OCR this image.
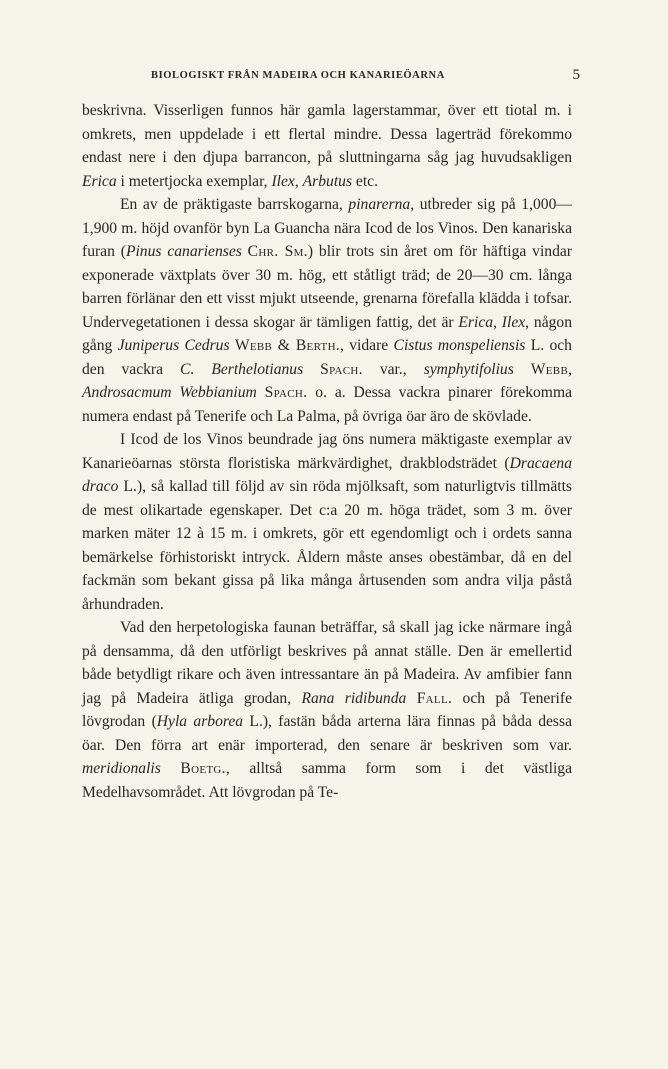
BIOLOGISKT FRÅN MADEIRA OCH KANARIEÖARNA	5

beskrivna. Visserligen funnos här gamla lagerstammar, över ett tiotal m. i omkrets, men uppdelade i ett flertal mindre. Dessa lagerträd förekommo endast nere i den djupa barrancon, på sluttningarna såg jag huvudsakligen Erica i metertjocka exemplar, Ilex, Arbutus etc.

En av de präktigaste barrskogarna, pinarerna, utbreder sig på 1,000—1,900 m. höjd ovanför byn La Guancha nära Icod de los Vinos. Den kanariska furan (Pinus canarienses Chr. Sm.) blir trots sin året om för häftiga vindar exponerade växtplats över 30 m. hög, ett ståtligt träd; de 20—30 cm. långa barren förlänar den ett visst mjukt utseende, grenarna förefalla klädda i tofsar. Undervegetationen i dessa skogar är tämligen fattig, det är Erica, Ilex, någon gång Juniperus Cedrus Webb & Berth., vidare Cistus monspeliensis L. och den vackra C. Berthelotianus Spach. var., symphytifolius Webb, Androsacmum Webbianium Spach. o. a. Dessa vackra pinarer förekomma numera endast på Tenerife och La Palma, på övriga öar äro de skövlade.

I Icod de los Vinos beundrade jag öns numera mäktigaste exemplar av Kanarieöarnas största floristiska märkvärdighet, drakblodsträdet (Dracaena draco L.), så kallad till följd av sin röda mjölksaft, som naturligtvis tillmätts de mest olikartade egenskaper. Det c:a 20 m. höga trädet, som 3 m. över marken mäter 12 à 15 m. i omkrets, gör ett egendomligt och i ordets sanna bemärkelse förhistoriskt intryck. Åldern måste anses obestämbar, då en del fackmän som bekant gissa på lika många årtusenden som andra vilja påstå århundraden.

Vad den herpetologiska faunan beträffar, så skall jag icke närmare ingå på densamma, då den utförligt beskrives på annat ställe. Den är emellertid både betydligt rikare och även intressantare än på Madeira. Av amfibier fann jag på Madeira ätliga grodan, Rana ridibunda Fall. och på Tenerife lövgrodan (Hyla arborea L.), fastän båda arterna lära finnas på båda dessa öar. Den förra art enär importerad, den senare är beskriven som var. meridionalis Boetg., alltså samma form som i det västliga Medelhavsområdet. Att lövgrodan på Te-
